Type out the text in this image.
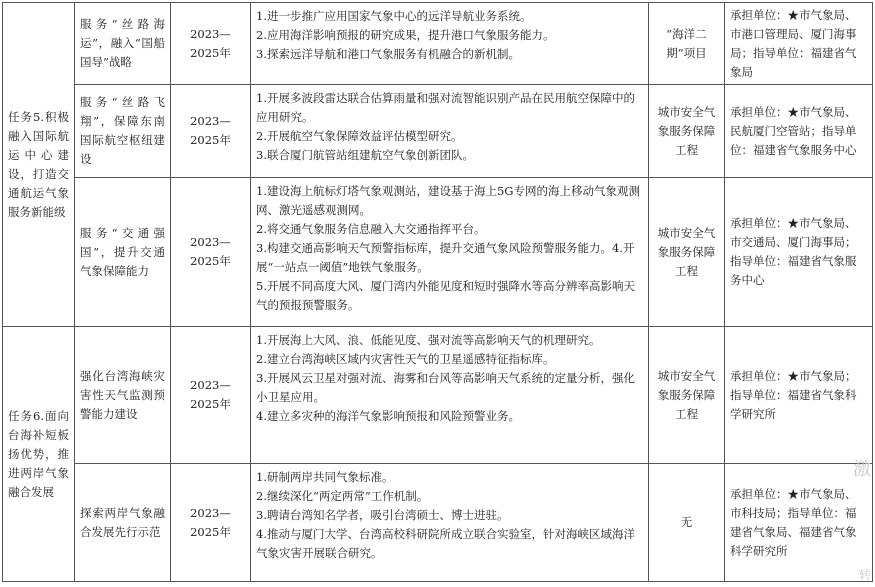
任务5.积极融入国际航运中心建设，打造交通航运气象服务新能级	服务“丝路海运”，融入“国船国导”战略	2023—2025年	1.进一步推广应用国家气象中心的远洋导航业务系统。
2.应用海洋影响预报的研究成果，提升港口气象服务能力。
3.探索远洋导航和港口气象服务有机融合的新机制。	“海洋二期”项目	承担单位：★市气象局、市港口管理局、厦门海事局；指导单位：福建省气象局
	服务“丝路飞翔”，保障东南国际航空枢纽建设	2023—2025年	1.开展多波段雷达联合估算雨量和强对流智能识别产品在民用航空保障中的应用研究。
2.开展航空气象保障效益评估模型研究。
3.联合厦门航管站组建航空气象创新团队。	城市安全气象服务保障工程	承担单位：★市气象局、民航厦门空管站；指导单位：福建省气象服务中心
	服务“交通强国”，提升交通气象保障能力	2023—2025年	1.建设海上航标灯塔气象观测站，建设基于海上5G专网的海上移动气象观测网、激光遥感观测网。
2.将交通气象服务信息融入大交通指挥平台。
3.构建交通高影响天气预警指标库，提升交通气象风险预警服务能力。4.开展“一站点一阈值”地铁气象服务。
5.开展不同高度大风、厦门湾内外能见度和短时强降水等高分辨率高影响天气的预报预警服务。	城市安全气象服务保障工程	承担单位：★市气象局、市交通局、厦门海事局；指导单位：福建省气象服务中心
任务6.面向台海补短板扬优势，推进两岸气象融合发展	强化台湾海峡灾害性天气监测预警能力建设	2023—2025年	1.开展海上大风、浪、低能见度、强对流等高影响天气的机理研究。
2.建立台湾海峡区域内灾害性天气的卫星遥感特征指标库。
3.开展风云卫星对强对流、海雾和台风等高影响天气系统的定量分析，强化小卫星应用。
4.建立多灾种的海洋气象影响预报和风险预警业务。	城市安全气象服务保障工程	承担单位：★市气象局；指导单位：福建省气象科学研究所
	探索两岸气象融合发展先行示范	2023—2025年	1.研制两岸共同气象标准。
2.继续深化“两定两常”工作机制。
3.聘请台湾知名学者，吸引台湾硕士、博士进驻。
4.推动与厦门大学、台湾高校科研院所成立联合实验室，针对海峡区域海洋气象灾害开展联合研究。	无	承担单位：★市气象局、市科技局；指导单位：福建省气象局、福建省气象科学研究所
激
转
